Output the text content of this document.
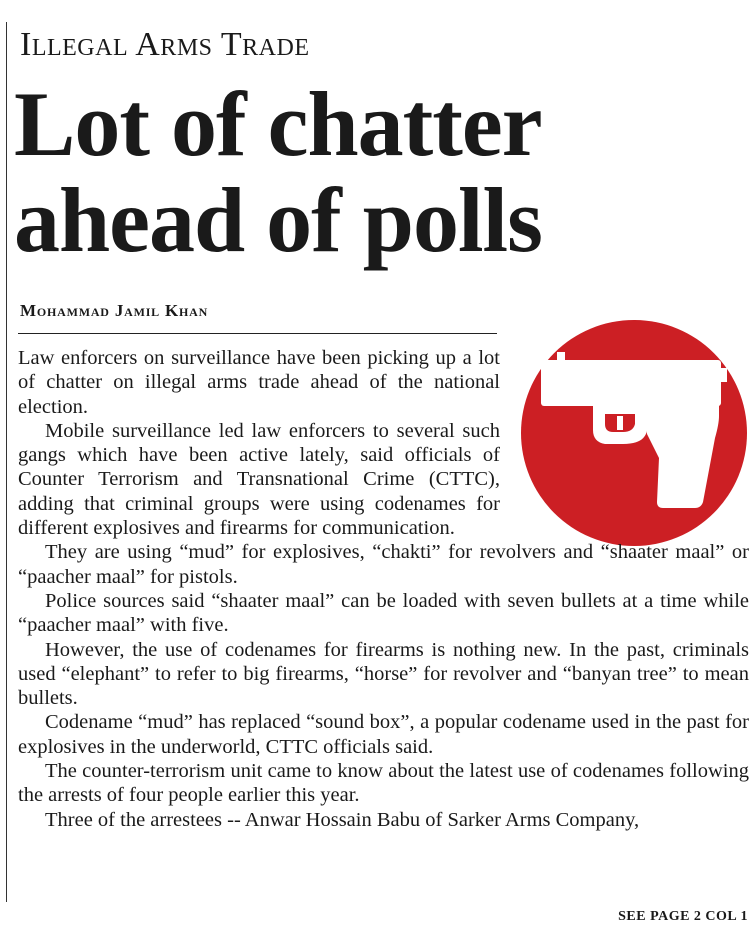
Illegal Arms Trade
Lot of chatter
ahead of polls
Mohammad Jamil Khan

Law enforcers on surveillance have been picking up a lot of chatter on illegal arms trade ahead of the national election.

Mobile surveillance led law enforcers to several such gangs which have been active lately, said officials of Counter Terrorism and Transnational Crime (CTTC), adding that criminal groups were using codenames for different explosives and firearms for communication.

They are using “mud” for explosives, “chakti” for revolvers and “shaater maal” or “paacher maal” for pistols.

Police sources said “shaater maal” can be loaded with seven bullets at a time while “paacher maal” with five.

However, the use of codenames for firearms is nothing new. In the past, criminals used “elephant” to refer to big firearms, “horse” for revolver and “banyan tree” to mean bullets.

Codename “mud” has replaced “sound box”, a popular codename used in the past for explosives in the underworld, CTTC officials said.

The counter-terrorism unit came to know about the latest use of codenames following the arrests of four people earlier this year.

Three of the arrestees -- Anwar Hossain Babu of Sarker Arms Company,

SEE PAGE 2 COL 1
